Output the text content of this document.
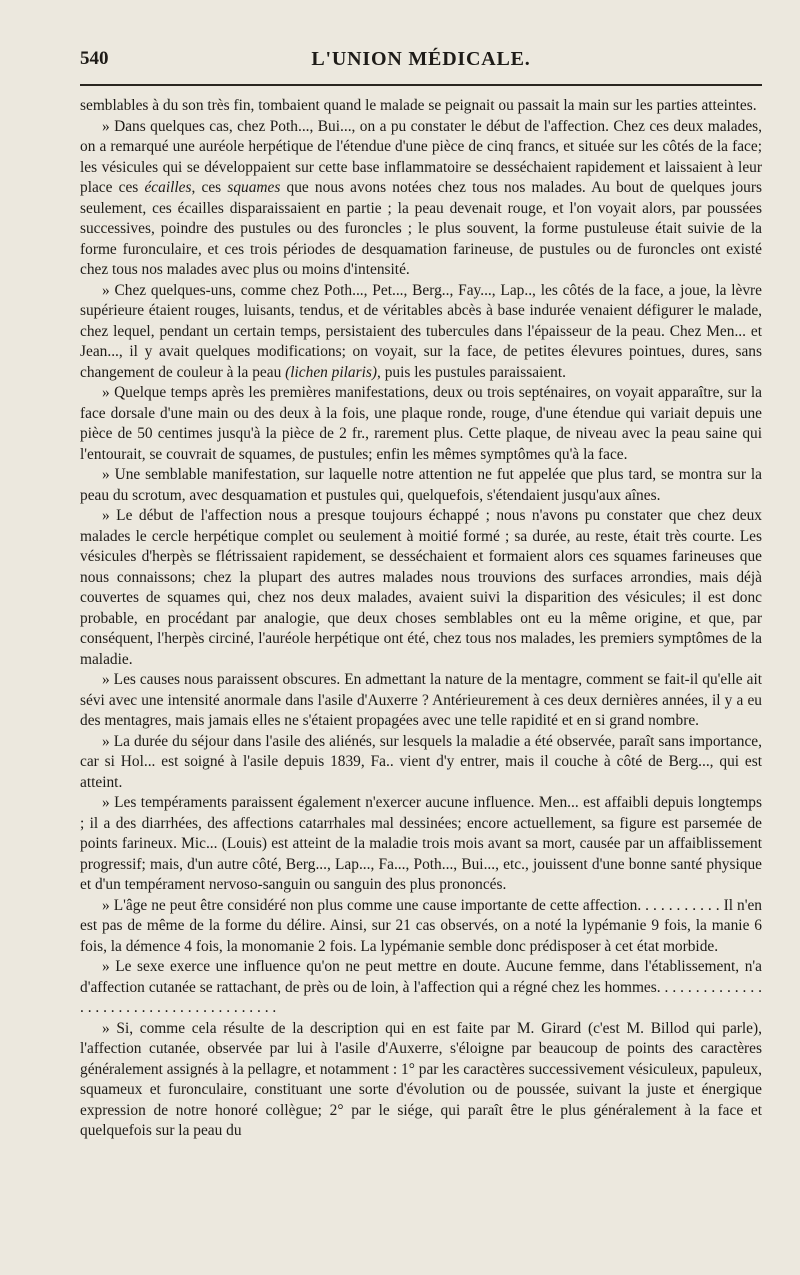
540	L'UNION MÉDICALE.

semblables à du son très fin, tombaient quand le malade se peignait ou passait la main sur les parties atteintes.

» Dans quelques cas, chez Poth..., Bui..., on a pu constater le début de l'affection. Chez ces deux malades, on a remarqué une auréole herpétique de l'étendue d'une pièce de cinq francs, et située sur les côtés de la face; les vésicules qui se développaient sur cette base inflammatoire se desséchaient rapidement et laissaient à leur place ces écailles, ces squames que nous avons notées chez tous nos malades. Au bout de quelques jours seulement, ces écailles disparaissaient en partie ; la peau devenait rouge, et l'on voyait alors, par poussées successives, poindre des pustules ou des furoncles ; le plus souvent, la forme pustuleuse était suivie de la forme furonculaire, et ces trois périodes de desquamation farineuse, de pustules ou de furoncles ont existé chez tous nos malades avec plus ou moins d'intensité.

» Chez quelques-uns, comme chez Poth..., Pet..., Berg.., Fay..., Lap.., les côtés de la face, a joue, la lèvre supérieure étaient rouges, luisants, tendus, et de véritables abcès à base indurée venaient défigurer le malade, chez lequel, pendant un certain temps, persistaient des tubercules dans l'épaisseur de la peau. Chez Men... et Jean..., il y avait quelques modifications; on voyait, sur la face, de petites élevures pointues, dures, sans changement de couleur à la peau (lichen pilaris), puis les pustules paraissaient.

» Quelque temps après les premières manifestations, deux ou trois septénaires, on voyait apparaître, sur la face dorsale d'une main ou des deux à la fois, une plaque ronde, rouge, d'une étendue qui variait depuis une pièce de 50 centimes jusqu'à la pièce de 2 fr., rarement plus. Cette plaque, de niveau avec la peau saine qui l'entourait, se couvrait de squames, de pustules; enfin les mêmes symptômes qu'à la face.

» Une semblable manifestation, sur laquelle notre attention ne fut appelée que plus tard, se montra sur la peau du scrotum, avec desquamation et pustules qui, quelquefois, s'étendaient jusqu'aux aînes.

» Le début de l'affection nous a presque toujours échappé ; nous n'avons pu constater que chez deux malades le cercle herpétique complet ou seulement à moitié formé ; sa durée, au reste, était très courte. Les vésicules d'herpès se flétrissaient rapidement, se desséchaient et formaient alors ces squames farineuses que nous connaissons; chez la plupart des autres malades nous trouvions des surfaces arrondies, mais déjà couvertes de squames qui, chez nos deux malades, avaient suivi la disparition des vésicules; il est donc probable, en procédant par analogie, que deux choses semblables ont eu la même origine, et que, par conséquent, l'herpès circiné, l'auréole herpétique ont été, chez tous nos malades, les premiers symptômes de la maladie.

» Les causes nous paraissent obscures. En admettant la nature de la mentagre, comment se fait-il qu'elle ait sévi avec une intensité anormale dans l'asile d'Auxerre ? Antérieurement à ces deux dernières années, il y a eu des mentagres, mais jamais elles ne s'étaient propagées avec une telle rapidité et en si grand nombre.

» La durée du séjour dans l'asile des aliénés, sur lesquels la maladie a été observée, paraît sans importance, car si Hol... est soigné à l'asile depuis 1839, Fa.. vient d'y entrer, mais il couche à côté de Berg..., qui est atteint.

» Les tempéraments paraissent également n'exercer aucune influence. Men... est affaibli depuis longtemps ; il a des diarrhées, des affections catarrhales mal dessinées; encore actuellement, sa figure est parsemée de points farineux. Mic... (Louis) est atteint de la maladie trois mois avant sa mort, causée par un affaiblissement progressif; mais, d'un autre côté, Berg..., Lap..., Fa..., Poth..., Bui..., etc., jouissent d'une bonne santé physique et d'un tempérament nervoso-sanguin ou sanguin des plus prononcés.

» L'âge ne peut être considéré non plus comme une cause importante de cette affection. . . . . . . . . . . Il n'en est pas de même de la forme du délire. Ainsi, sur 21 cas observés, on a noté la lypémanie 9 fois, la manie 6 fois, la démence 4 fois, la monomanie 2 fois. La lypémanie semble donc prédisposer à cet état morbide.

» Le sexe exerce une influence qu'on ne peut mettre en doute. Aucune femme, dans l'établissement, n'a d'affection cutanée se rattachant, de près ou de loin, à l'affection qui a régné chez les hommes. . . . . . . . . . . . . . . . . . . . . . . . . . . . . . . . . . . . . . . .

» Si, comme cela résulte de la description qui en est faite par M. Girard (c'est M. Billod qui parle), l'affection cutanée, observée par lui à l'asile d'Auxerre, s'éloigne par beaucoup de points des caractères généralement assignés à la pellagre, et notamment : 1° par les caractères successivement vésiculeux, papuleux, squameux et furonculaire, constituant une sorte d'évolution ou de poussée, suivant la juste et énergique expression de notre honoré collègue; 2° par le siége, qui paraît être le plus généralement à la face et quelquefois sur la peau du
